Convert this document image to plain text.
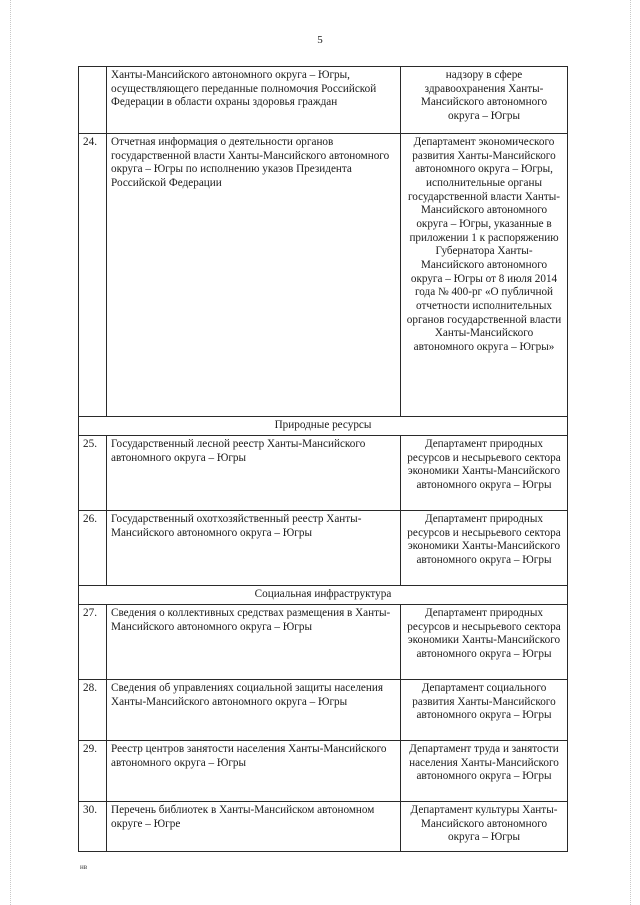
5
	Ханты-Мансийского автономного округа – Югры, осуществляющего переданные полномочия Российской Федерации в области охраны здоровья граждан	надзору в сфере здравоохранения Ханты-Мансийского автономного округа – Югры
24.	Отчетная информация о деятельности органов государственной власти Ханты-Мансийского автономного округа – Югры по исполнению указов Президента Российской Федерации	Департамент экономического развития Ханты-Мансийского автономного округа – Югры, исполнительные органы государственной власти Ханты-Мансийского автономного округа – Югры, указанные в приложении 1 к распоряжению Губернатора Ханты-Мансийского автономного округа – Югры от 8 июля 2014 года № 400-рг «О публичной отчетности исполнительных органов государственной власти Ханты-Мансийского автономного округа – Югры»
Природные ресурсы		
25.	Государственный лесной реестр Ханты-Мансийского автономного округа – Югры	Департамент природных ресурсов и несырьевого сектора экономики Ханты-Мансийского автономного округа – Югры
26.	Государственный охотхозяйственный реестр Ханты-Мансийского автономного округа – Югры	Департамент природных ресурсов и несырьевого сектора экономики Ханты-Мансийского автономного округа – Югры
Социальная инфраструктура		
27.	Сведения о коллективных средствах размещения в Ханты-Мансийского автономного округа – Югры	Департамент природных ресурсов и несырьевого сектора экономики Ханты-Мансийского автономного округа – Югры
28.	Сведения об управлениях социальной защиты населения Ханты-Мансийского автономного округа – Югры	Департамент социального развития Ханты-Мансийского автономного округа – Югры
29.	Реестр центров занятости населения Ханты-Мансийского автономного округа – Югры	Департамент труда и занятости населения Ханты-Мансийского автономного округа – Югры
30.	Перечень библиотек в Ханты-Мансийском автономном округе – Югре	Департамент культуры Ханты-Мансийского автономного округа – Югры
нв
